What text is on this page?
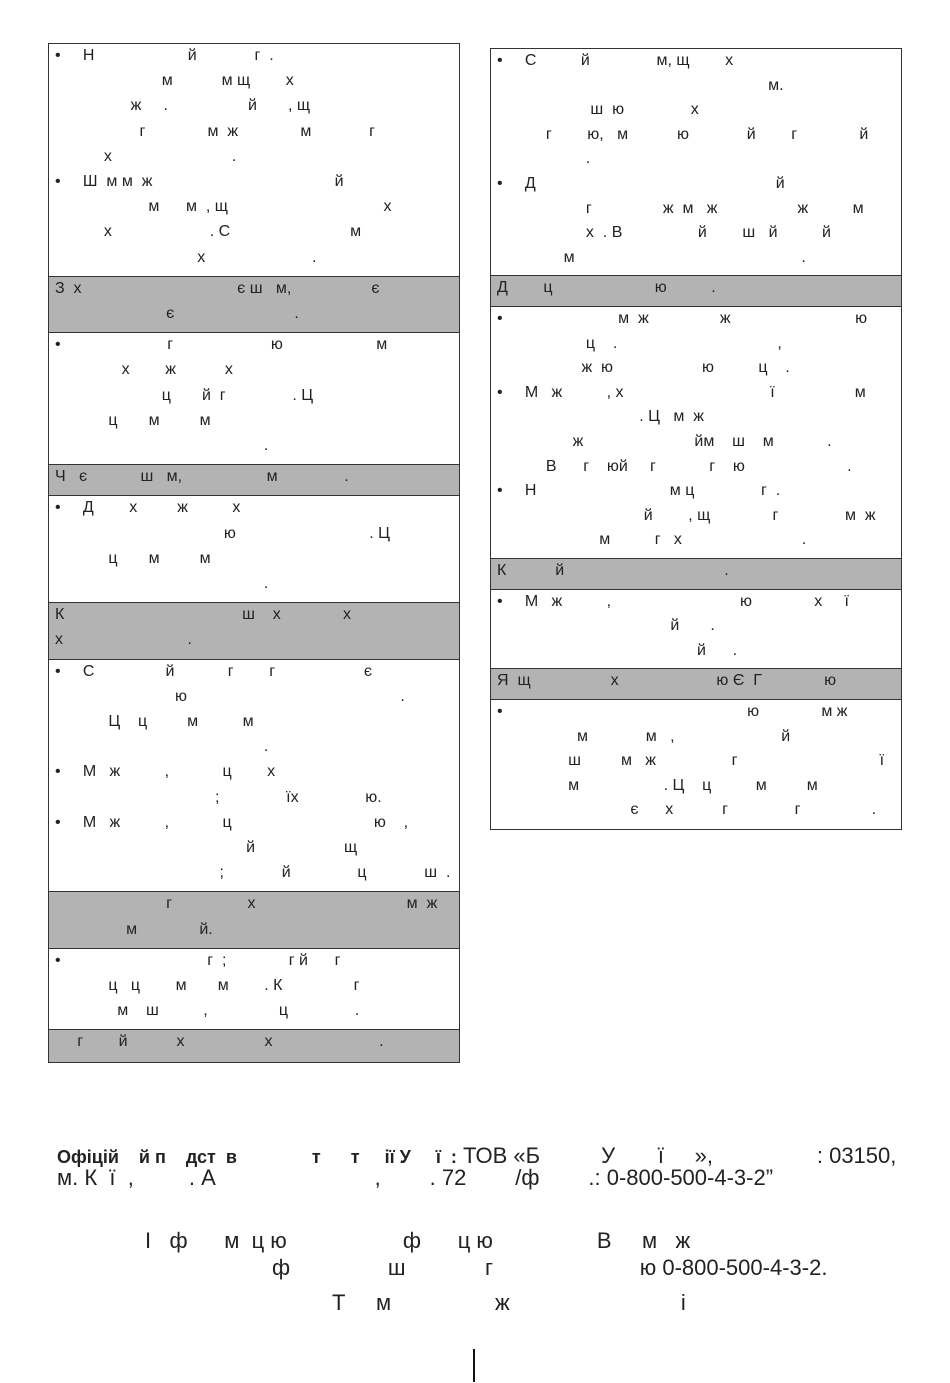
•     Н                     й             г  .
м           м щ        х
ж     .                  й       , щ
г              м  ж              м             г
х                           .
•     Ш  м м  ж                                         й
м      м  , щ                                   х
х                      . С                           м
х                        .
З  х                                   є ш   м,                  є
є                           .
•                        г                      ю                     м
х        ж           х
ц       й  г               . Ц
ц       м         м
.
Ч   є            ш   м,                   м               .
•     Д        х         ж          х
ю                              . Ц
ц       м         м
.
К                                        ш    х              х
х                            .
•     С                й            г        г                    є
ю                                                .
Ц    ц         м          м
.
•     М   ж          ,            ц        х
;               їх               ю.
•     М   ж          ,            ц                                ю    ,
й                    щ
;             й               ц             ш  .
г                 х                                  м  ж
м              й.
•                                 г  ;              г й      г
ц   ц        м       м        . К                г
м    ш          ,                ц               .
г        й           х                  х                        .
•     С          й               м, щ        х
м.
ш  ю               х
г        ю,   м           ю             й        г              й
.
•     Д                                                      й
г                ж  м   ж                  ж          м
х  . В                 й        ш   й          й
м                                                   .
Д        ц                       ю          .
•                          м  ж                ж                            ю
ц    .                                    ,
ж  ю                    ю          ц    .
•     М   ж          , х                                 ї                  м
. Ц   м  ж
ж                         йм    ш    м            .
В      г    юй     г            г    ю                       .
•     Н                              м ц               г  .
й        , щ              г               м  ж
м          г   х                           .
К           й                                    .
•     М   ж          ,                             ю              х     ї
й       .
й      .
Я  щ                  х                      ю Є  Г              ю
•                                                       ю              м ж
м             м   ,                        й
ш         м   ж                 г                                ї
м                   . Ц    ц          м         м
є      х           г               г                .
Офіцій    й п    дст  в               т      т     ії У     ї  : ТОВ «Б          У       ї     »,                 : 03150,
м. К  ї  ,         . А                          ,        . 72        /ф        .: 0-800-500-4-3-2”
І   ф      м  ц ю                   ф      ц ю                 В     м   ж
ф                ш             г                        ю 0-800-500-4-3-2.
Т     м                 ж                            і
